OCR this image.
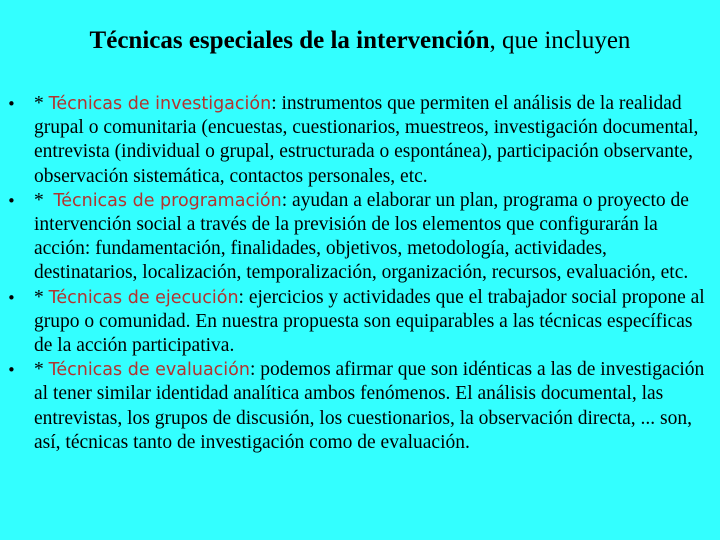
Técnicas especiales de la intervención, que incluyen
• * Técnicas de investigación: instrumentos que permiten el análisis de la realidad grupal o comunitaria (encuestas, cuestionarios, muestreos, investigación documental, entrevista (individual o grupal, estructurada o espontánea), participación observante, observación sistemática, contactos personales, etc.
• *  Técnicas de programación: ayudan a elaborar un plan, programa o proyecto de intervención social a través de la previsión de los elementos que configurarán la acción: fundamentación, finalidades, objetivos, metodología, actividades, destinatarios, localización, temporalización, organización, recursos, evaluación, etc.
• * Técnicas de ejecución: ejercicios y actividades que el trabajador social propone al grupo o comunidad. En nuestra propuesta son equiparables a las técnicas específicas de la acción participativa.
• * Técnicas de evaluación: podemos afirmar que son idénticas a las de investigación al tener similar identidad analítica ambos fenómenos. El análisis documental, las entrevistas, los grupos de discusión, los cuestionarios, la observación directa, ... son, así, técnicas tanto de investigación como de evaluación.
